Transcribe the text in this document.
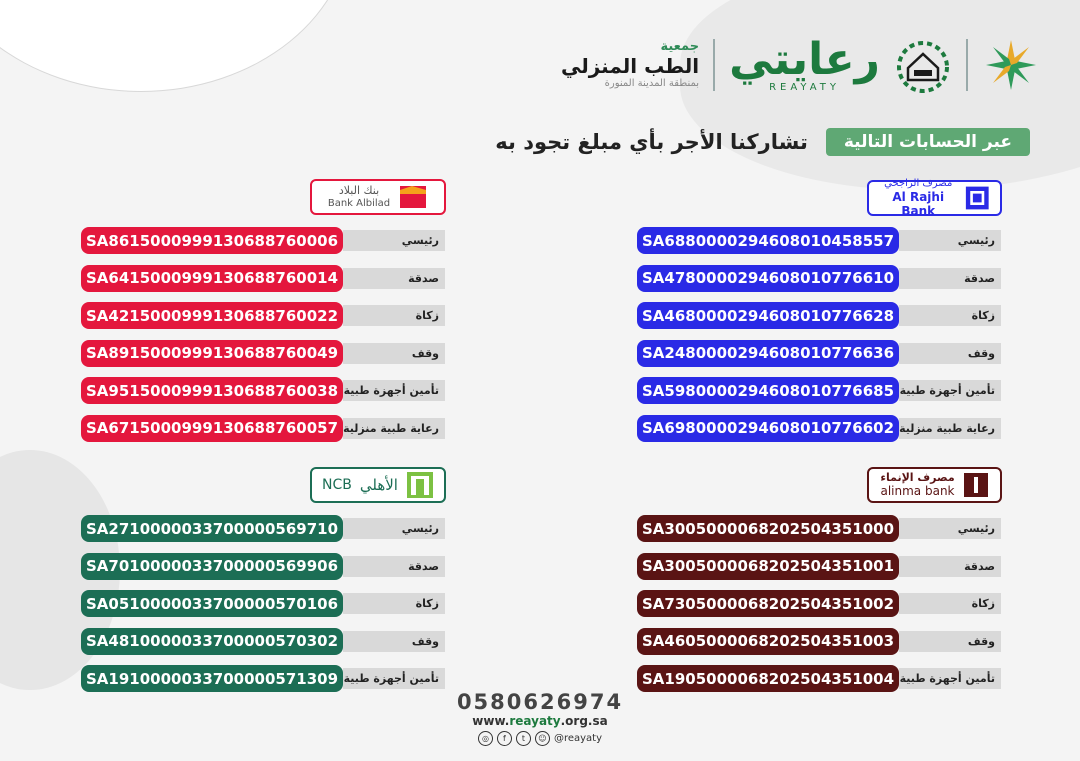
جمعية
الطب المنزلي
بمنطقة المدينة المنورة رعايتي
REAYATY
عبر الحسابات التالية
تشاركنا الأجر بأي مبلغ تجود به
مصرف الراجحي
Al Rajhi Bank
بنك البلاد
Bank Albilad
مصرف الإنماء
alinma bank
NCB الأهلي
SA6880000294608010458557	رئيسي
SA4780000294608010776610	صدقة
SA4680000294608010776628	زكاة
SA2480000294608010776636	وقف
SA5980000294608010776685 تأمين أجهزة طبية
SA6980000294608010776602 رعاية طبية منزلية
SA8615000999130688760006	رئيسي
SA6415000999130688760014	صدقة
SA4215000999130688760022	زكاة
SA8915000999130688760049	وقف
SA9515000999130688760038 تأمين أجهزة طبية
SA6715000999130688760057 رعاية طبية منزلية
SA3005000068202504351000	رئيسي
SA3005000068202504351001	صدقة
SA7305000068202504351002	زكاة
SA4605000068202504351003	وقف
SA1905000068202504351004 تأمين أجهزة طبية
SA2710000033700000569710	رئيسي
SA7010000033700000569906	صدقة
SA0510000033700000570106	زكاة
SA4810000033700000570302	وقف
SA1910000033700000571309 تأمين أجهزة طبية
0580626974
www.reayaty.org.sa
◎	f	t	☺ @reayaty
